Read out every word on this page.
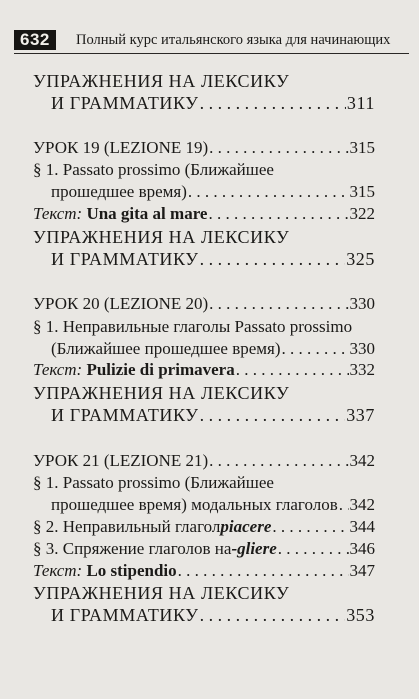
632	Полный курс итальянского языка для начинающих
УПРАЖНЕНИЯ НА ЛЕКСИКУ
И ГРАММАТИКУ . . .	311
УРОК 19 (LEZIONE 19) . . .	315
§ 1. Passato prossimo (Ближайшее
прошедшее время) . . .	315
Текст:
Una gita al mare . . .	322
УПРАЖНЕНИЯ НА ЛЕКСИКУ
И ГРАММАТИКУ . . .	325
УРОК 20 (LEZIONE 20) . . .	330
§ 1. Неправильные глаголы Passato prossimo
(Ближайшее прошедшее время) . . .	330
Текст:
Pulizie di primavera . . .	332
УПРАЖНЕНИЯ НА ЛЕКСИКУ
И ГРАММАТИКУ . . .	337
УРОК 21 (LEZIONE 21) . . .	342
§ 1. Passato prossimo (Ближайшее
прошедшее время) модальных глаголов . . . 342
§ 2. Неправильный глагол piacere . . .	344
§ 3. Спряжение глаголов на -gliere . . .	346
Текст:
Lo stipendio . . .	347
УПРАЖНЕНИЯ НА ЛЕКСИКУ
И ГРАММАТИКУ . . .	353
